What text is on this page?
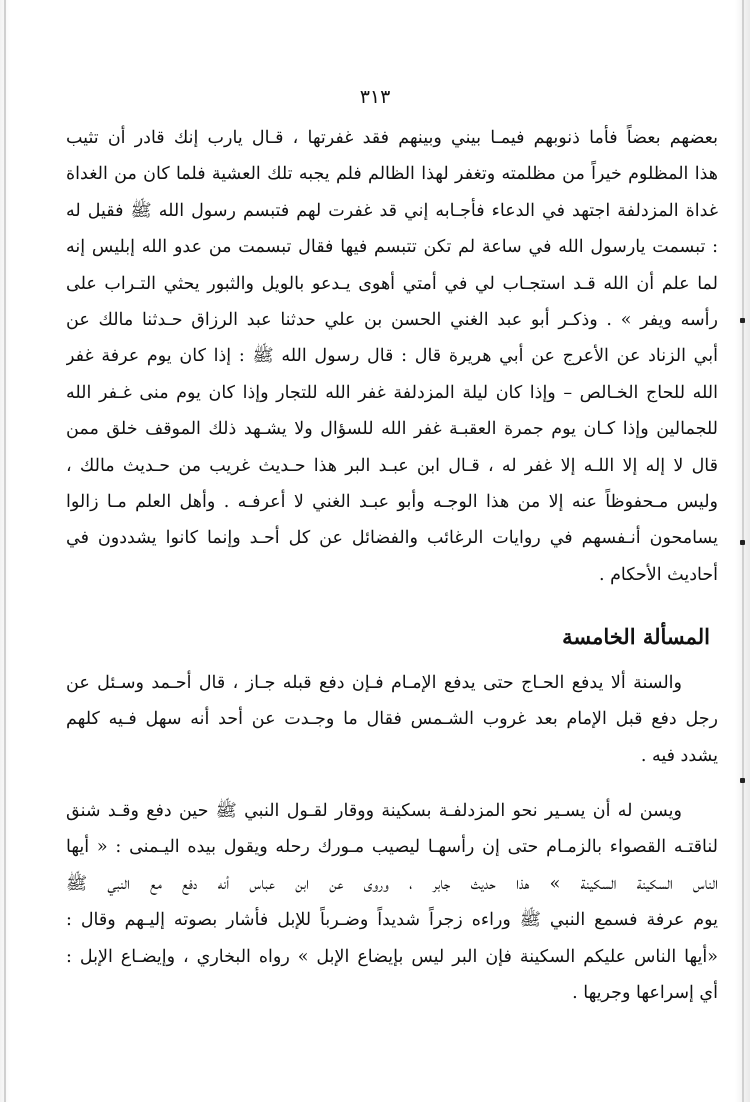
٣١٣
بعضهم بعضاً فأما ذنوبهم فيمـا بيني وبينهم فقد غفرتها ، قـال يارب إنك قادر أن تثيب
هذا المظلوم خيراً من مظلمته وتغفر لهذا الظالم فلم يجبه تلك العشية فلما كان من الغداة
غداة المزدلفة اجتهد في الدعاء فأجـابه إني قد غفرت لهم فتبسم رسول الله ﷺ فقيل له
: تبسمت يارسول الله في ساعة لم تكن تتبسم فيها فقال تبسمت من عدو الله إبليس إنه
لما علم أن الله قـد استجـاب لي في أمتي أهوى يـدعو بالويل والثبور يحثي التـراب على
رأسه ويفر » . وذكـر أبو عبد الغني الحسن بن علي حدثنا عبد الرزاق حـدثنا مالك عن
أبي الزناد عن الأعرج عن أبي هريرة قال : قال رسول الله ﷺ : إذا كان يوم عرفة غفر
الله للحاج الخـالص – وإذا كان ليلة المزدلفة غفر الله للتجار وإذا كان يوم منى غـفر الله
للجمالين وإذا كـان يوم جمرة العقبـة غفر الله للسؤال ولا يشـهد ذلك الموقف خلق ممن
قال لا إله إلا اللـه إلا غفر له ، قـال ابن عبـد البر هذا حـديث غريب من حـديث مالك ،
وليس مـحفوظاً عنه إلا من هذا الوجـه وأبو عبـد الغني لا أعرفـه . وأهل العلم مـا زالوا
يسامحون أنـفسهم في روايات الرغائب والفضائل عن كل أحـد وإنما كانوا يشددون في
أحاديث الأحكام .
المسألة الخامسة
والسنة ألا يدفع الحـاج حتى يدفع الإمـام فـإن دفع قبله جـاز ، قال أحـمد وسـئل عن
رجل دفع قبل الإمام بعد غروب الشـمس فقال ما وجـدت عن أحد أنه سهل فـيه كلهم
يشدد فيه .
ويسن له أن يسـير نحو المزدلفـة بسكينة ووقار لقـول النبي ﷺ حين دفع وقـد شنق
لناقتـه القصواء بالزمـام حتى إن رأسهـا ليصيب مـورك رحله ويقول بيده اليـمنى : « أيها
الناس السكينة السكينة » هذا حديث جابر ، وروى عن ابن عباس أنه دفع مع النبي ﷺ
يوم عرفة فسمع النبي ﷺ وراءه زجراً شديداً وضـرباً للإبل فأشار بصوته إليـهم وقال :
«أيها الناس عليكم السكينة فإن البر ليس بإيضاع الإبل » رواه البخاري ، وإيضـاع الإبل :
أي إسراعها وجريها .
